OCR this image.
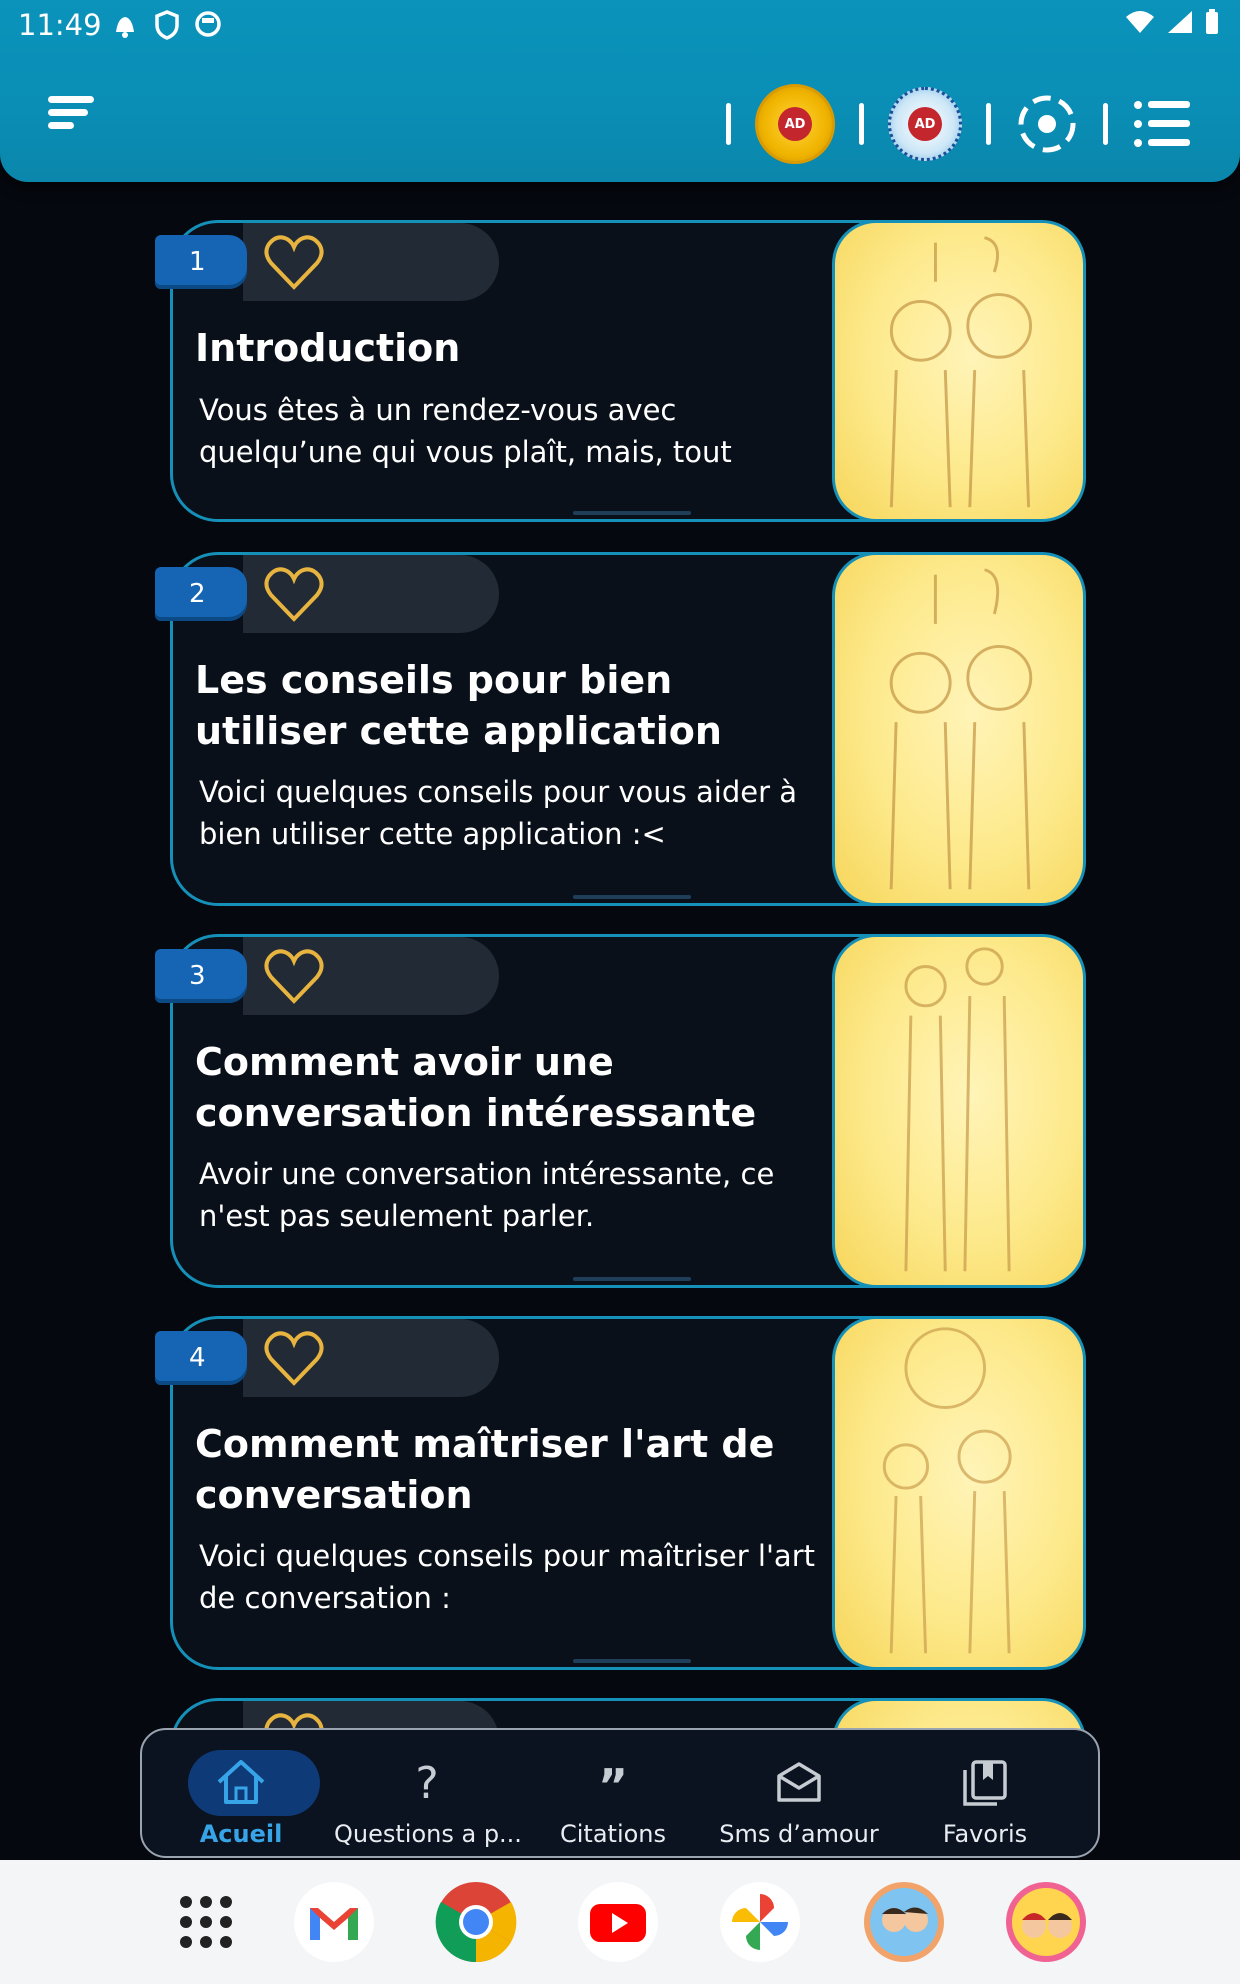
11:49
AD	AD
1
Introduction
Vous êtes à un rendez-vous avec quelqu’une qui vous plaît, mais, tout
2
Les conseils pour bien utiliser cette application
Voici quelques conseils pour vous aider à bien utiliser cette application :<
3
Comment avoir une conversation intéressante
Avoir une conversation intéressante, ce n'est pas seulement parler.
4
Comment maîtriser l'art de conversation
Voici quelques conseils pour maîtriser l'art de conversation :
Acueil
?
Questions a p...
”
Citations	Sms d’amour	Favoris
